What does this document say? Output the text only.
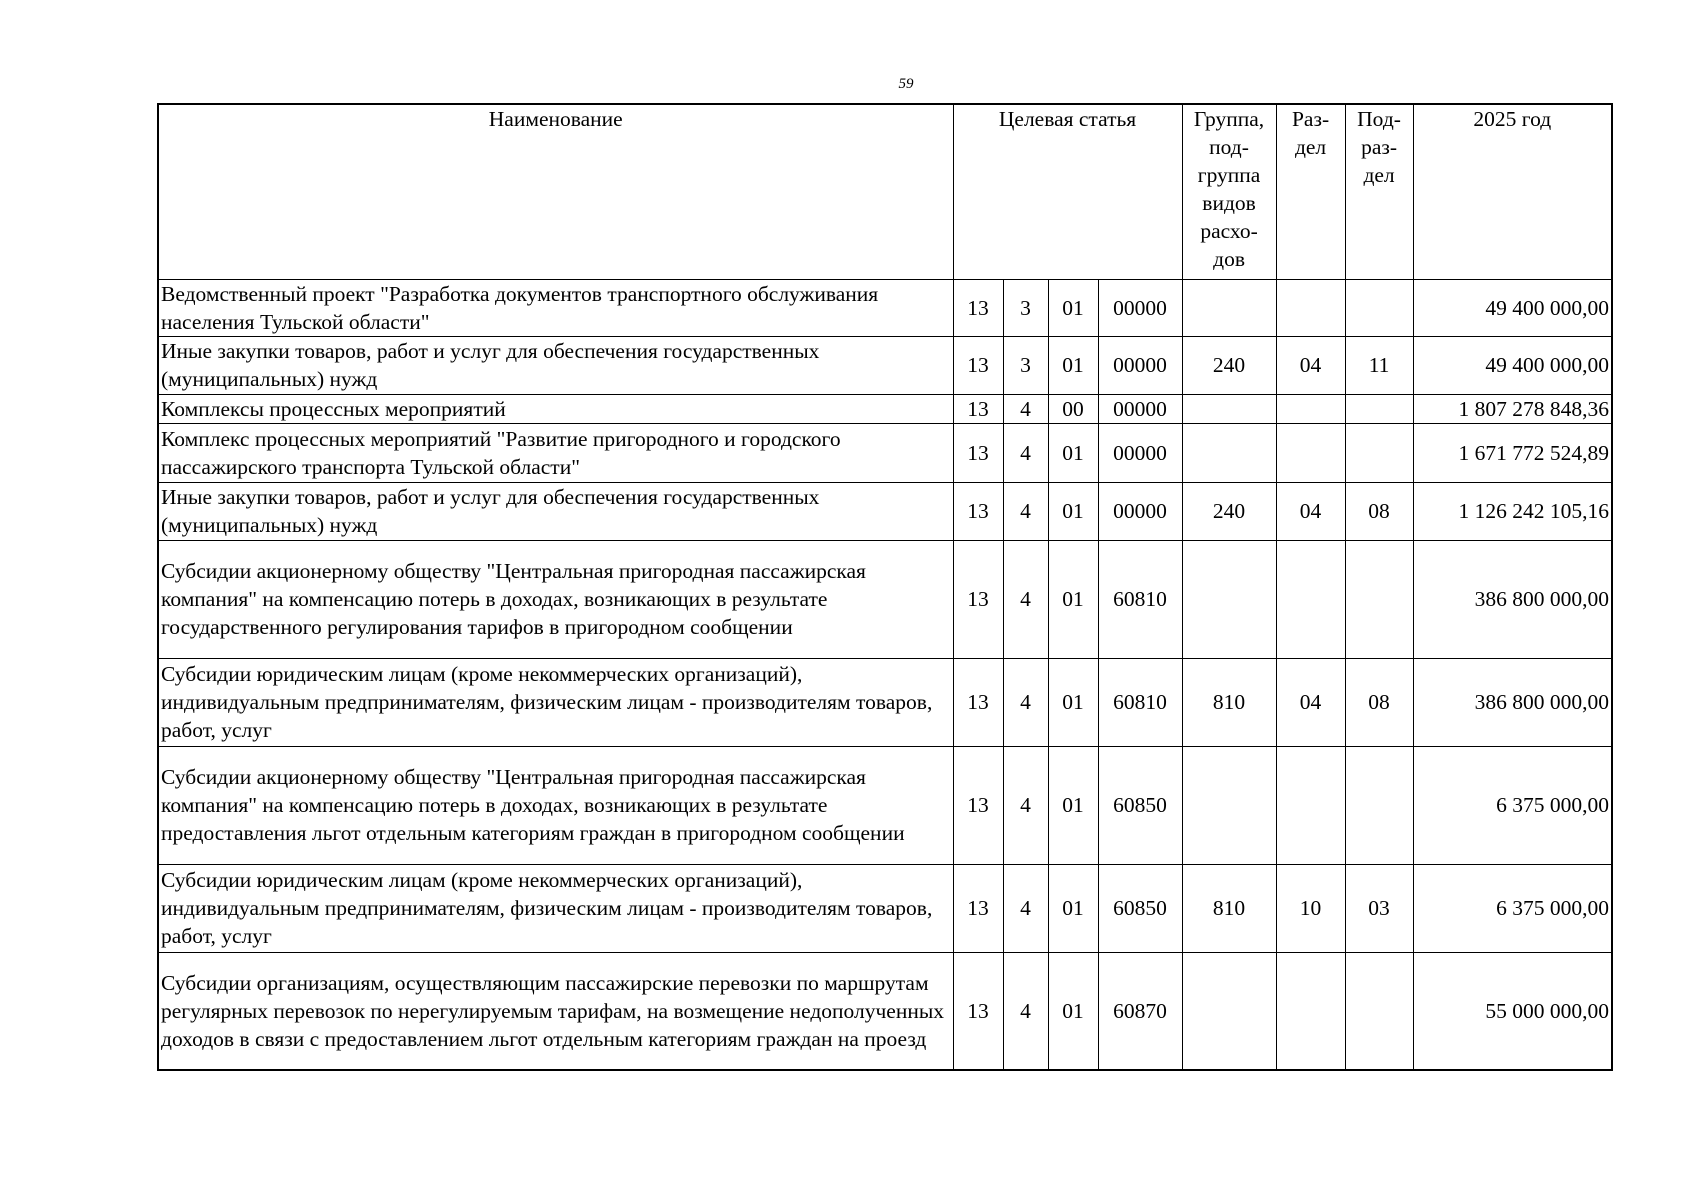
59
Наименование	Целевая статья				Группа, под-группа видов расхо-дов	Раз-дел	Под-раз-дел	2025 год
Ведомственный проект "Разработка документов транспортного обслуживания населения Тульской области"	13	3	01	00000				49 400 000,00
Иные закупки товаров, работ и услуг для обеспечения государственных (муниципальных) нужд	13	3	01	00000	240	04	11	49 400 000,00
Комплексы процессных мероприятий	13	4	00	00000				1 807 278 848,36
Комплекс процессных мероприятий "Развитие пригородного и городского пассажирского транспорта Тульской области"	13	4	01	00000				1 671 772 524,89
Иные закупки товаров, работ и услуг для обеспечения государственных (муниципальных) нужд	13	4	01	00000	240	04	08	1 126 242 105,16
Субсидии акционерному обществу "Центральная пригородная пассажирская компания" на компенсацию потерь в доходах, возникающих в результате государственного регулирования тарифов в пригородном сообщении	13	4	01	60810				386 800 000,00
Субсидии юридическим лицам (кроме некоммерческих организаций), индивидуальным предпринимателям, физическим лицам - производителям товаров, работ, услуг	13	4	01	60810	810	04	08	386 800 000,00
Субсидии акционерному обществу "Центральная пригородная пассажирская компания" на компенсацию потерь в доходах, возникающих в результате предоставления льгот отдельным категориям граждан в пригородном сообщении	13	4	01	60850				6 375 000,00
Субсидии юридическим лицам (кроме некоммерческих организаций), индивидуальным предпринимателям, физическим лицам - производителям товаров, работ, услуг	13	4	01	60850	810	10	03	6 375 000,00
Субсидии организациям, осуществляющим пассажирские перевозки по маршрутам регулярных перевозок по нерегулируемым тарифам, на возмещение недополученных доходов в связи с предоставлением льгот отдельным категориям граждан на проезд	13	4	01	60870				55 000 000,00
